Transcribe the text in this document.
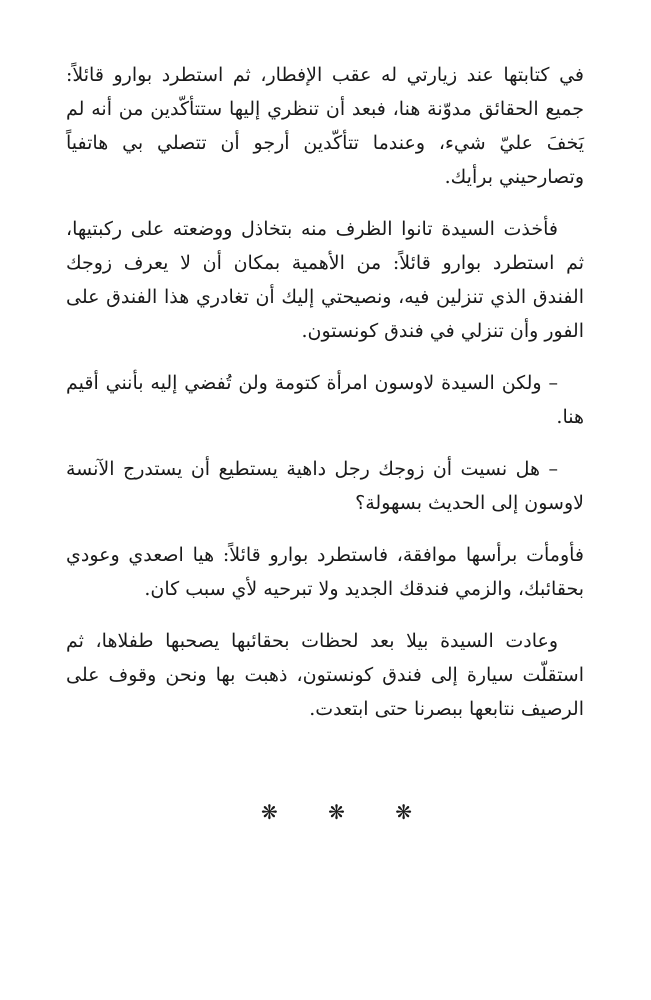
في كتابتها عند زيارتي له عقب الإفطار، ثم استطرد بوارو قائلاً: جميع الحقائق مدوّنة هنا، فبعد أن تنظري إليها ستتأكّدين من أنه لم يَخفَ عليّ شيء، وعندما تتأكّدين أرجو أن تتصلي بي هاتفياً وتصارحيني برأيك.

فأخذت السيدة تانوا الظرف منه بتخاذل ووضعته على ركبتيها، ثم استطرد بوارو قائلاً: من الأهمية بمكان أن لا يعرف زوجك الفندق الذي تنزلين فيه، ونصيحتي إليك أن تغادري هذا الفندق على الفور وأن تنزلي في فندق كونستون.

– ولكن السيدة لاوسون امرأة كتومة ولن تُفضي إليه بأنني أقيم هنا.

– هل نسيت أن زوجك رجل داهية يستطيع أن يستدرج الآنسة لاوسون إلى الحديث بسهولة؟

فأومأت برأسها موافقة، فاستطرد بوارو قائلاً: هيا اصعدي وعودي بحقائبك، والزمي فندقك الجديد ولا تبرحيه لأي سبب كان.

وعادت السيدة بيلا بعد لحظات بحقائبها يصحبها طفلاها، ثم استقلّت سيارة إلى فندق كونستون، ذهبت بها ونحن وقوف على الرصيف نتابعها ببصرنا حتى ابتعدت.

❋ ❋ ❋
